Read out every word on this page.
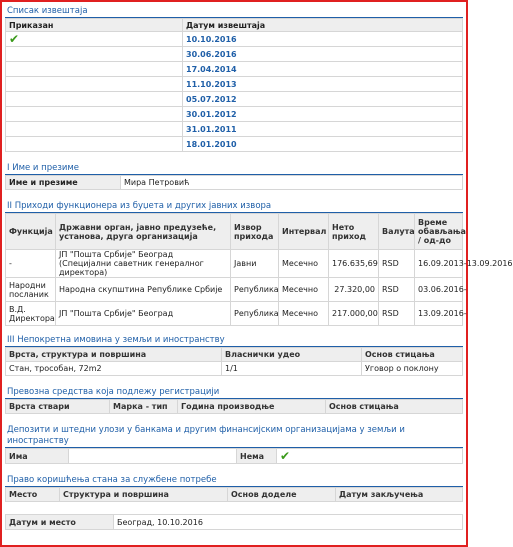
Списак извештаја
Приказан	Датум извештаја
✔	10.10.2016
	30.06.2016
	17.04.2014
	11.10.2013
	05.07.2012
	30.01.2012
	31.01.2011
	18.01.2010
I Име и презиме
Име и презиме	Мира Петровић
II Приходи функционера из буџета и других јавних извора
Функција	Државни орган, јавно предузеће, установа, друга организација	Извор прихода	Интервал	Нето приход	Валута	Време обављања / од-до
-	ЈП "Пошта Србије" Београд (Специјални саветник генералног директора)	Јавни	Месечно	176.635,69	RSD	16.09.2013-13.09.2016
Народни посланик	Народна скупштина Републике Србије	Република	Месечно	27.320,00	RSD	03.06.2016-
В.Д. Директора	ЈП "Пошта Србије" Београд	Република	Месечно	217.000,00	RSD	13.09.2016-
III Непокретна имовина у земљи и иностранству
Врста, структура и површина	Власнички удео	Основ стицања
Стан, тросoбан, 72m2	1/1	Уговор о поклону
Превозна средства која подлежу регистрацији
Врста ствари	Марка - тип	Година производње	Основ стицања
Депозити и штедни улози у банкама и другим финансијским организацијама у земљи и иностранству
Има		Нема	✔
Право коришћења стана за службене потребе
Место	Структура и површина	Основ доделе	Датум закључења
Датум и место	Београд, 10.10.2016
